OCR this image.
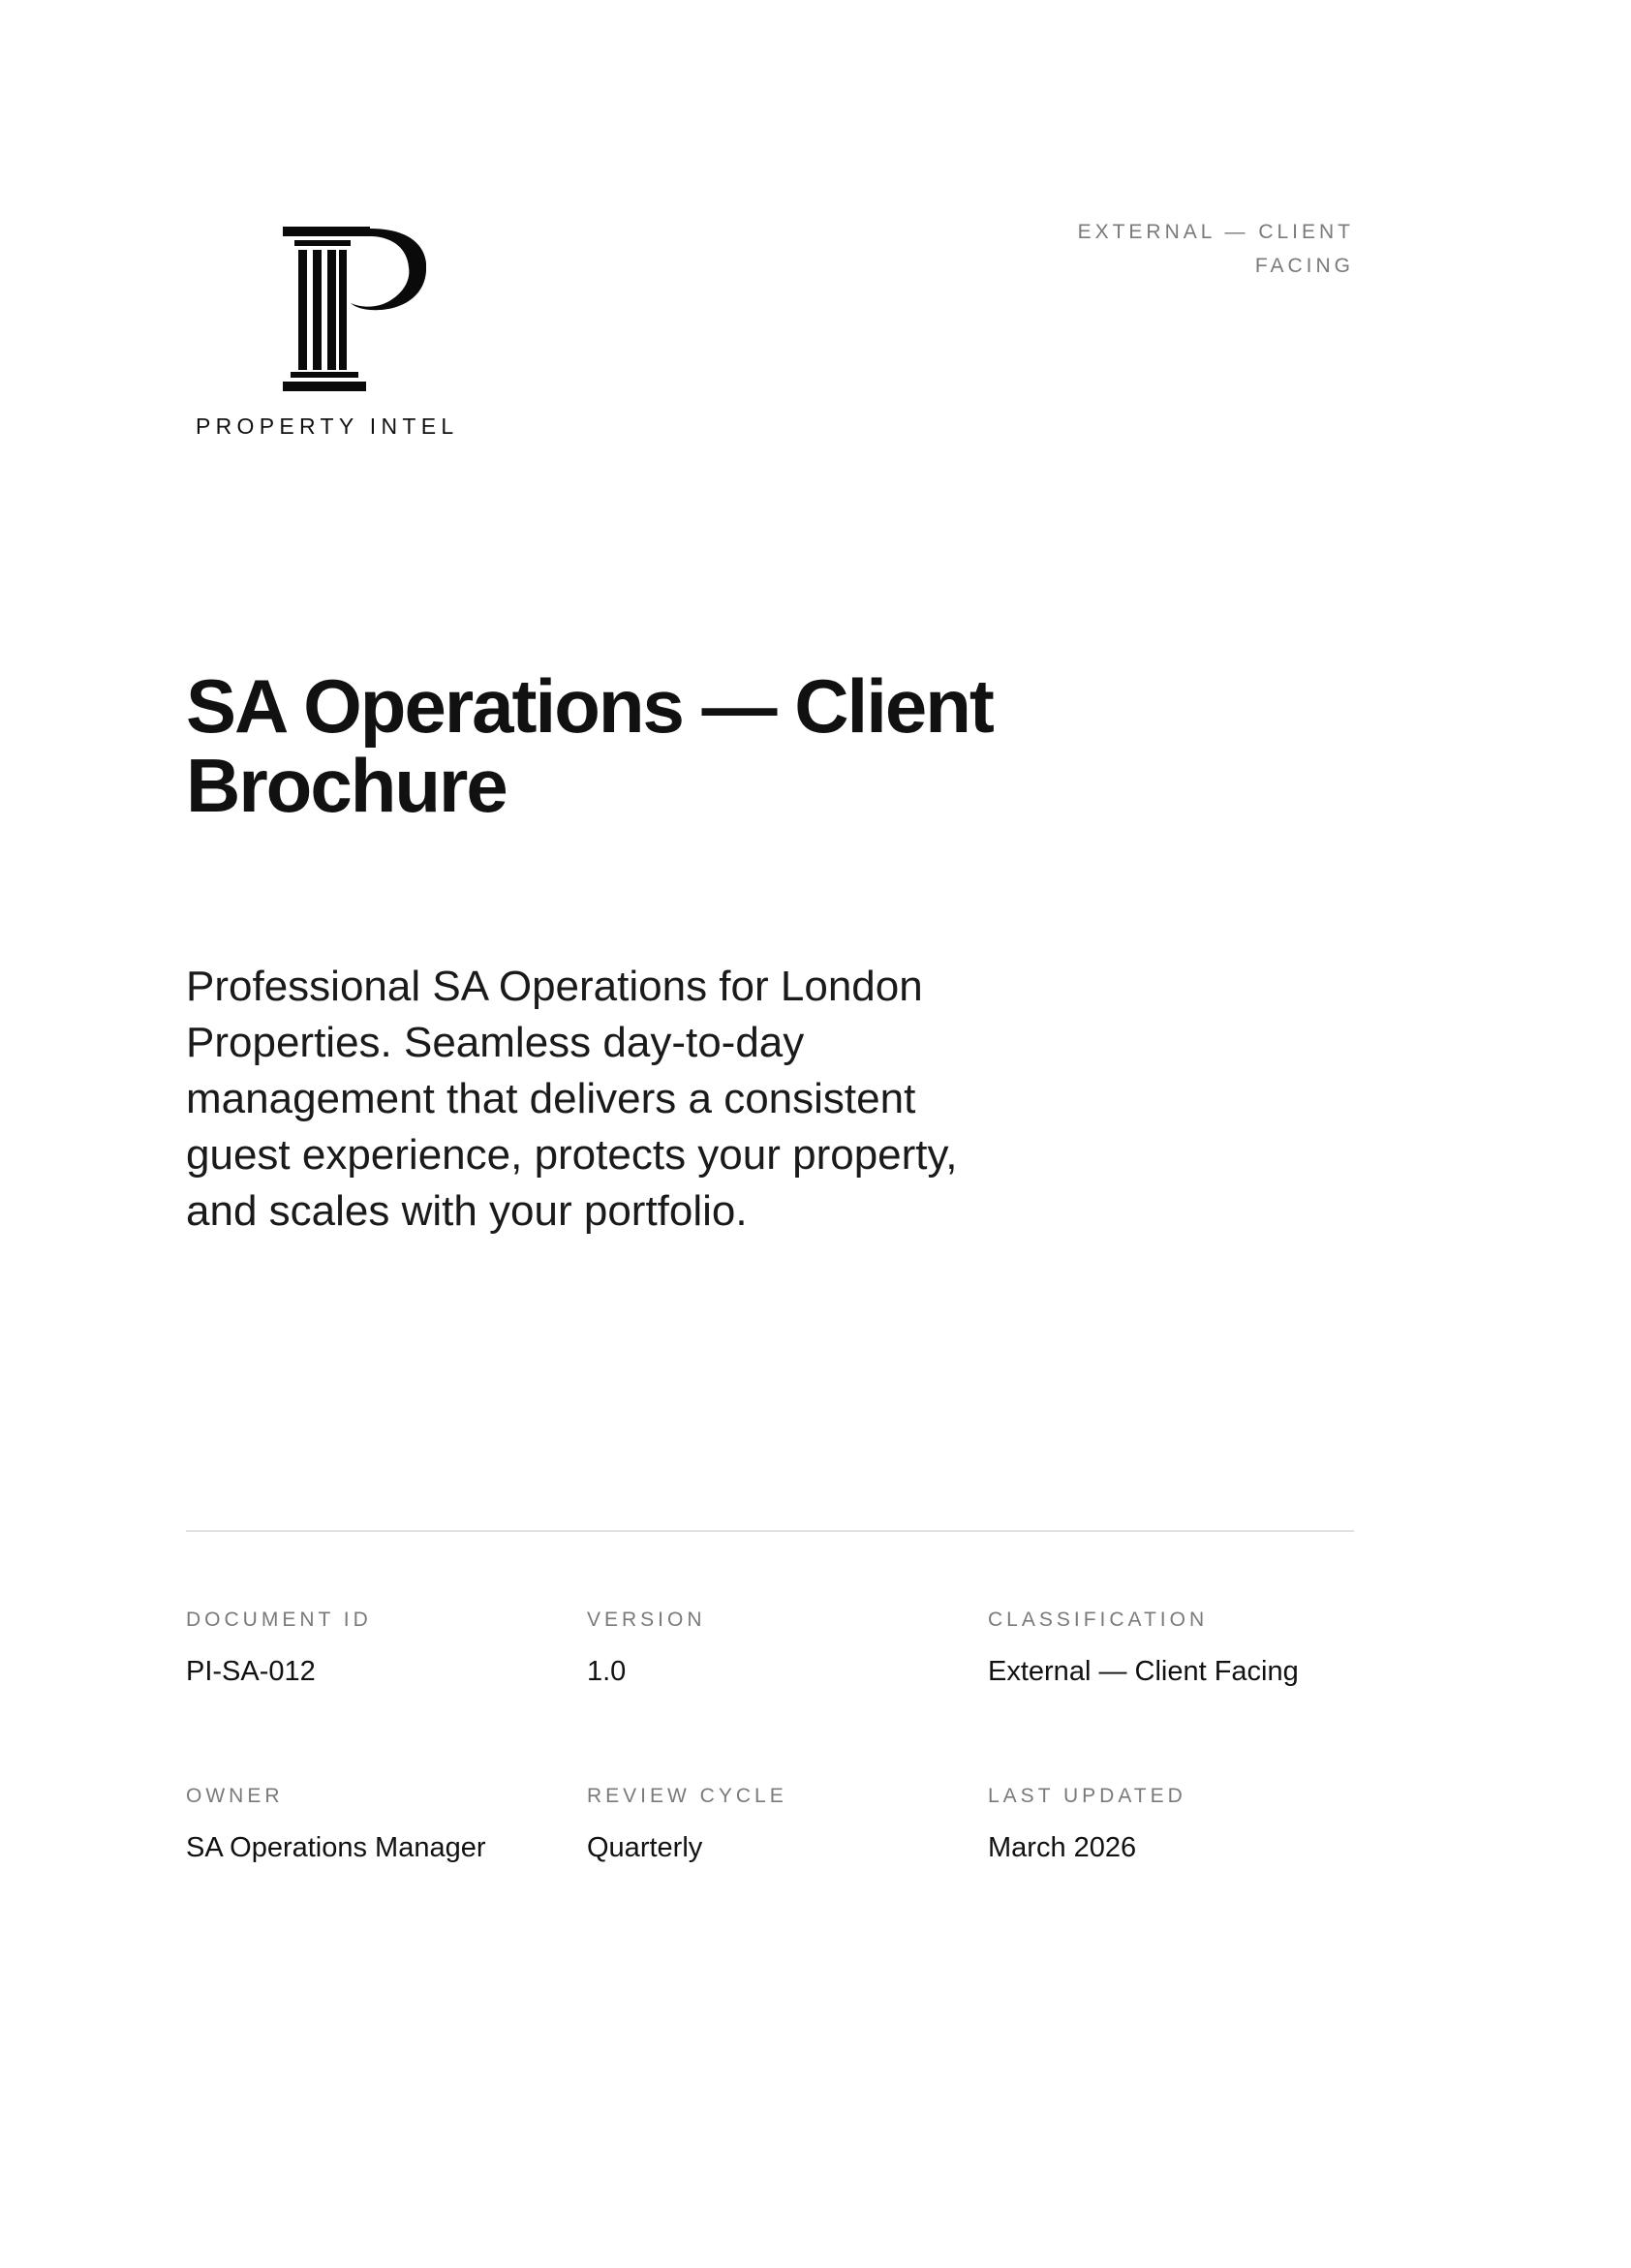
PROPERTY INTEL
EXTERNAL — CLIENT FACING
SA Operations — Client Brochure

Professional SA Operations for London Properties. Seamless day-to-day management that delivers a consistent guest experience, protects your property, and scales with your portfolio.

DOCUMENT ID
PI-SA-012
VERSION
1.0
CLASSIFICATION
External — Client Facing
OWNER
SA Operations Manager
REVIEW CYCLE
Quarterly
LAST UPDATED
March 2026
